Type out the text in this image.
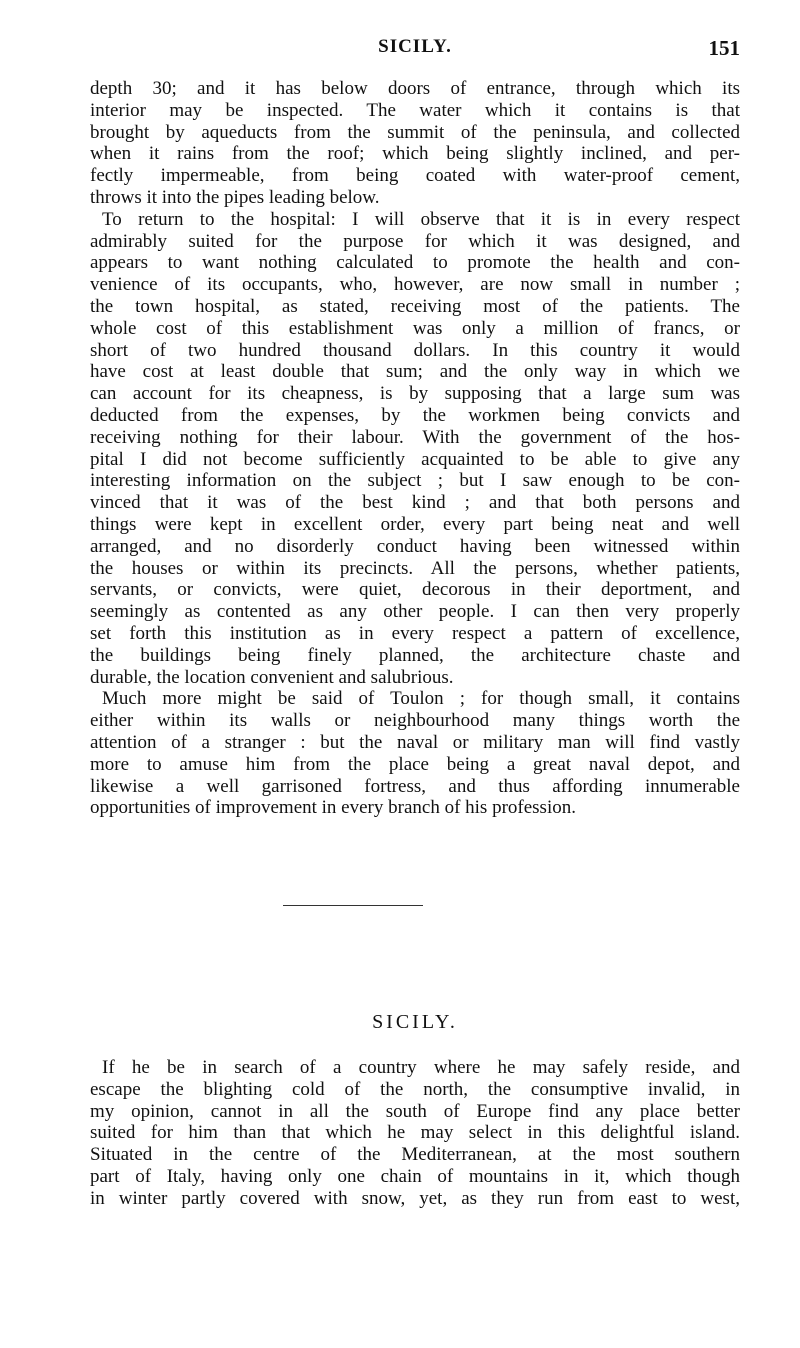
SICILY.	151
depth 30; and it has below doors of entrance, through which its
interior may be inspected. The water which it contains is that
brought by aqueducts from the summit of the peninsula, and collected
when it rains from the roof; which being slightly inclined, and per-
fectly impermeable, from being coated with water-proof cement,
throws it into the pipes leading below.
To return to the hospital: I will observe that it is in every respect
admirably suited for the purpose for which it was designed, and
appears to want nothing calculated to promote the health and con-
venience of its occupants, who, however, are now small in number ;
the town hospital, as stated, receiving most of the patients. The
whole cost of this establishment was only a million of francs, or
short of two hundred thousand dollars. In this country it would
have cost at least double that sum; and the only way in which we
can account for its cheapness, is by supposing that a large sum was
deducted from the expenses, by the workmen being convicts and
receiving nothing for their labour. With the government of the hos-
pital I did not become sufficiently acquainted to be able to give any
interesting information on the subject ; but I saw enough to be con-
vinced that it was of the best kind ; and that both persons and
things were kept in excellent order, every part being neat and well
arranged, and no disorderly conduct having been witnessed within
the houses or within its precincts. All the persons, whether patients,
servants, or convicts, were quiet, decorous in their deportment, and
seemingly as contented as any other people. I can then very properly
set forth this institution as in every respect a pattern of excellence,
the buildings being finely planned, the architecture chaste and
durable, the location convenient and salubrious.
Much more might be said of Toulon ; for though small, it contains
either within its walls or neighbourhood many things worth the
attention of a stranger : but the naval or military man will find vastly
more to amuse him from the place being a great naval depot, and
likewise a well garrisoned fortress, and thus affording innumerable
opportunities of improvement in every branch of his profession.
SICILY.
If he be in search of a country where he may safely reside, and
escape the blighting cold of the north, the consumptive invalid, in
my opinion, cannot in all the south of Europe find any place better
suited for him than that which he may select in this delightful island.
Situated in the centre of the Mediterranean, at the most southern
part of Italy, having only one chain of mountains in it, which though
in winter partly covered with snow, yet, as they run from east to west,
